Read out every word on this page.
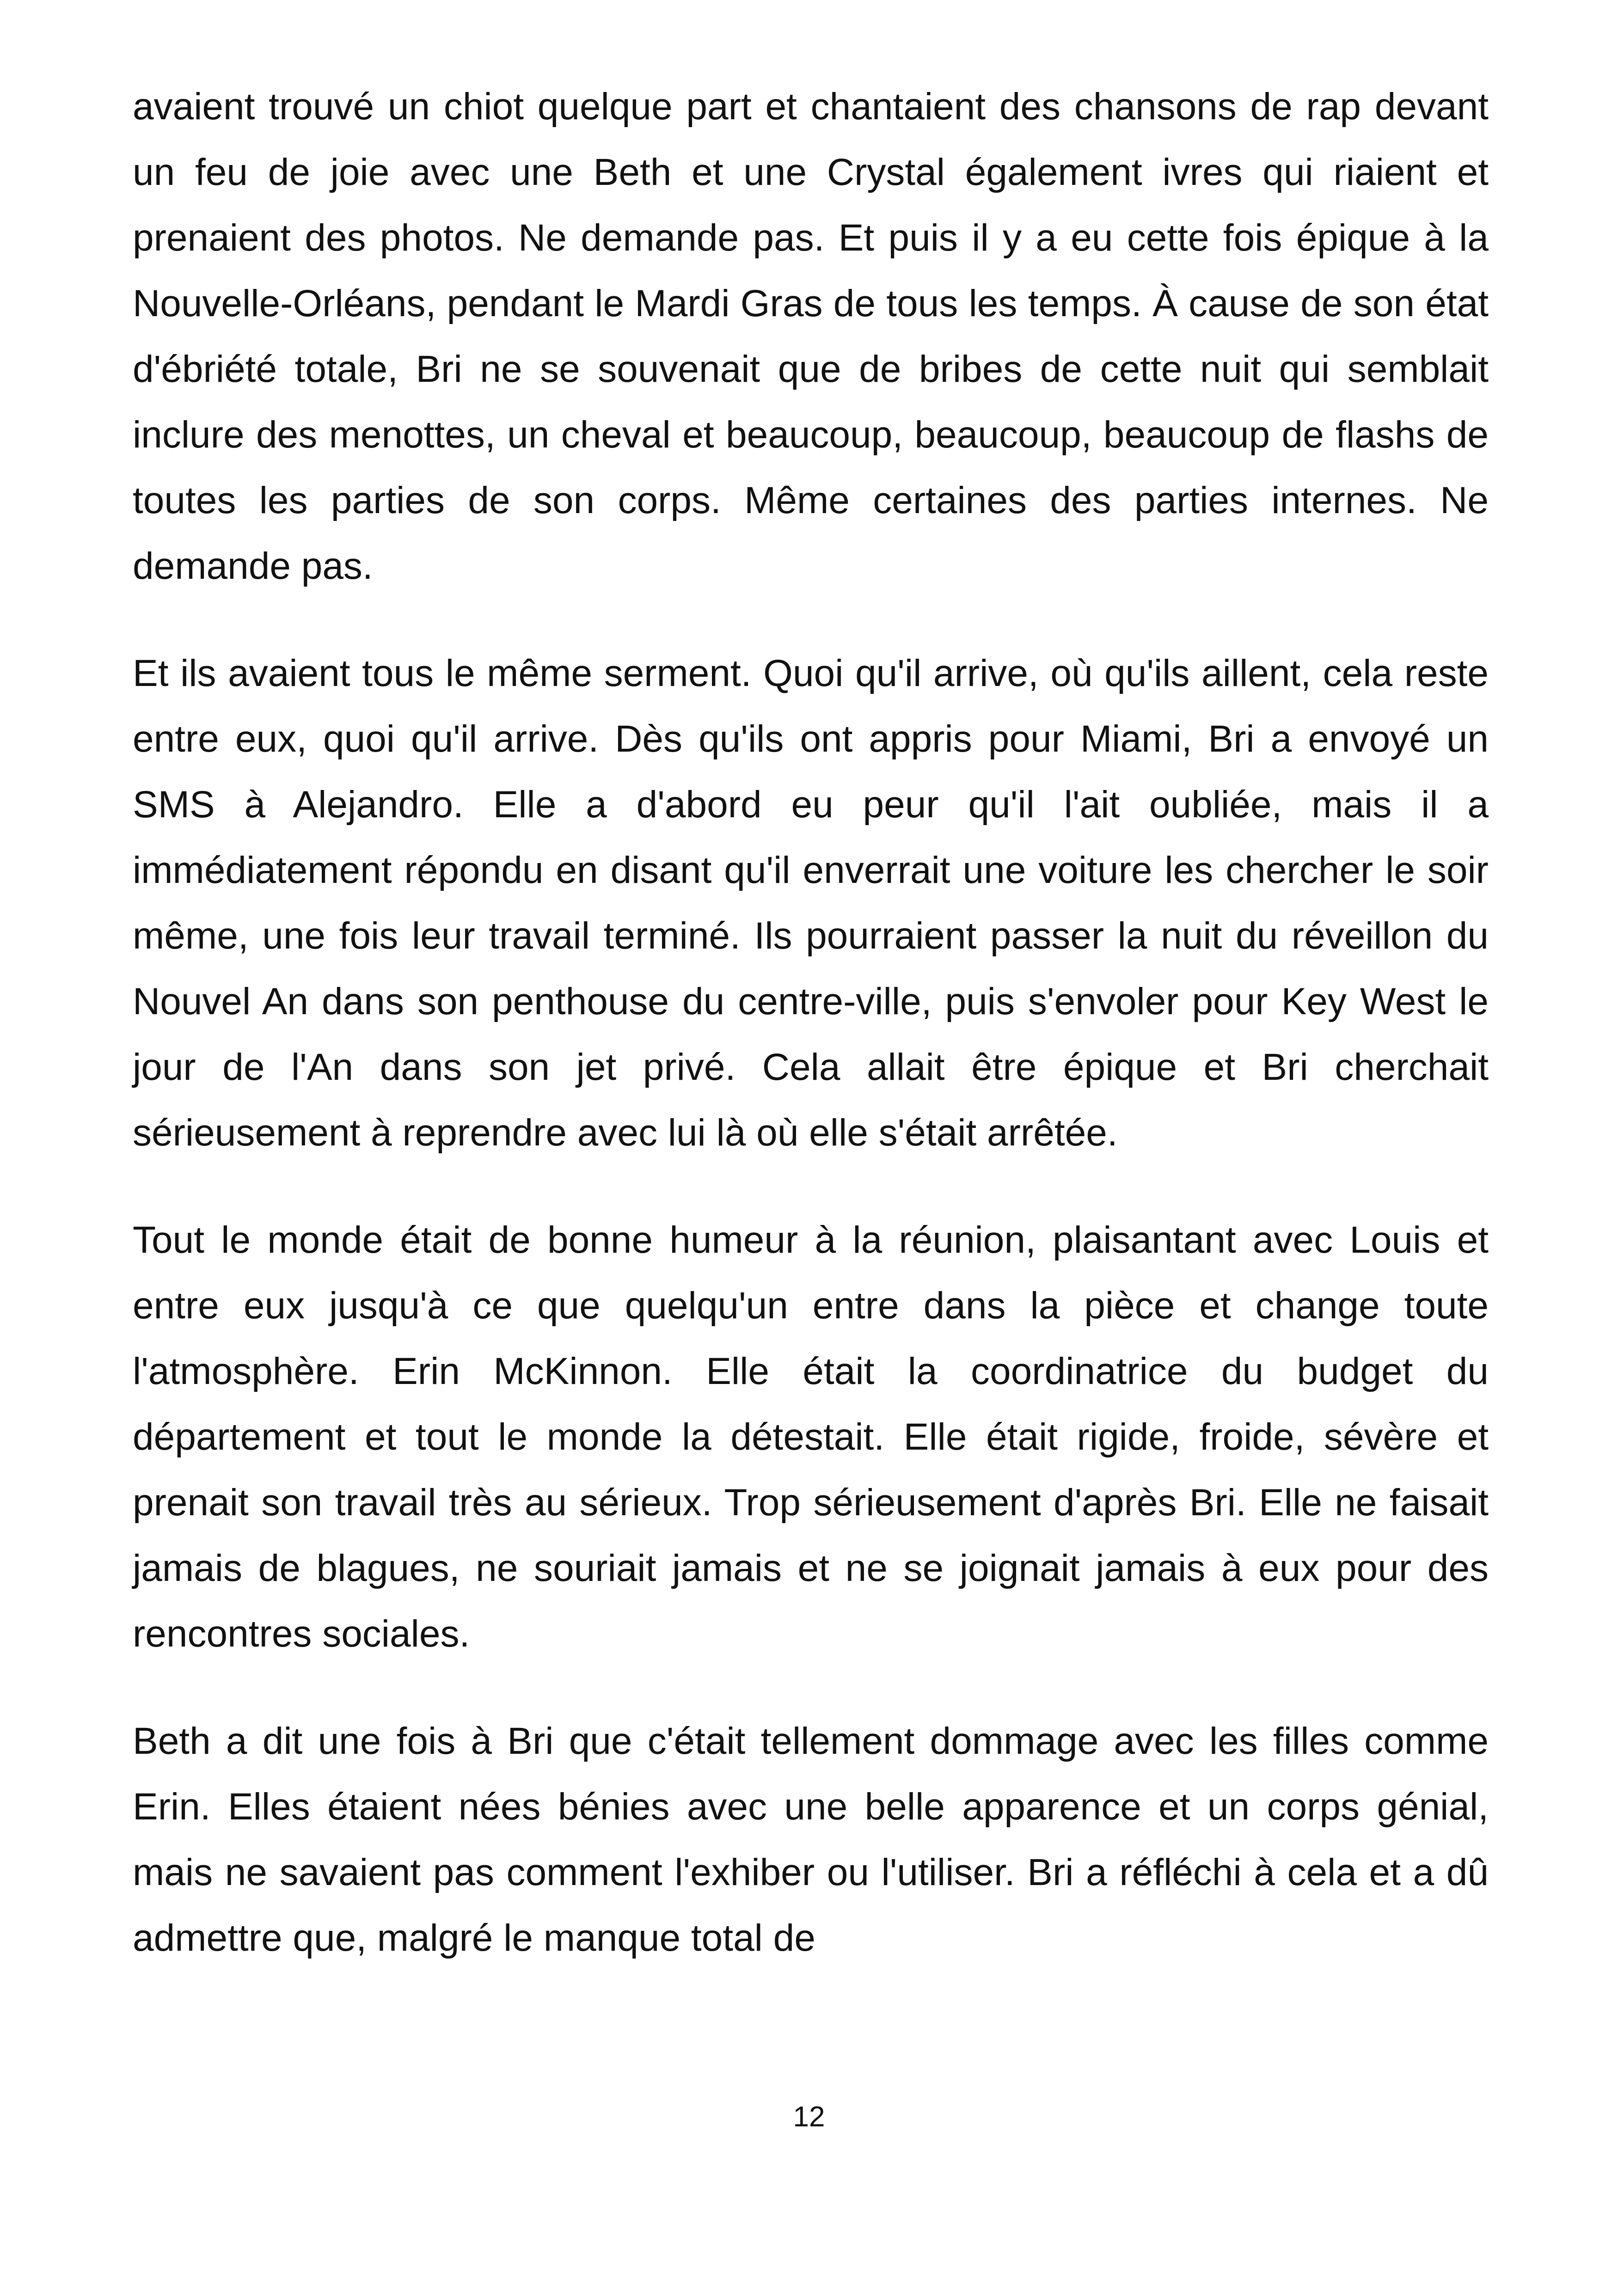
avaient trouvé un chiot quelque part et chantaient des chansons de rap devant un feu de joie avec une Beth et une Crystal également ivres qui riaient et prenaient des photos. Ne demande pas. Et puis il y a eu cette fois épique à la Nouvelle-Orléans, pendant le Mardi Gras de tous les temps. À cause de son état d'ébriété totale, Bri ne se souvenait que de bribes de cette nuit qui semblait inclure des menottes, un cheval et beaucoup, beaucoup, beaucoup de flashs de toutes les parties de son corps. Même certaines des parties internes. Ne demande pas.

Et ils avaient tous le même serment. Quoi qu'il arrive, où qu'ils aillent, cela reste entre eux, quoi qu'il arrive. Dès qu'ils ont appris pour Miami, Bri a envoyé un SMS à Alejandro. Elle a d'abord eu peur qu'il l'ait oubliée, mais il a immédiatement répondu en disant qu'il enverrait une voiture les chercher le soir même, une fois leur travail terminé. Ils pourraient passer la nuit du réveillon du Nouvel An dans son penthouse du centre-ville, puis s'envoler pour Key West le jour de l'An dans son jet privé. Cela allait être épique et Bri cherchait sérieusement à reprendre avec lui là où elle s'était arrêtée.

Tout le monde était de bonne humeur à la réunion, plaisantant avec Louis et entre eux jusqu'à ce que quelqu'un entre dans la pièce et change toute l'atmosphère. Erin McKinnon. Elle était la coordinatrice du budget du département et tout le monde la détestait. Elle était rigide, froide, sévère et prenait son travail très au sérieux. Trop sérieusement d'après Bri. Elle ne faisait jamais de blagues, ne souriait jamais et ne se joignait jamais à eux pour des rencontres sociales.

Beth a dit une fois à Bri que c'était tellement dommage avec les filles comme Erin. Elles étaient nées bénies avec une belle apparence et un corps génial, mais ne savaient pas comment l'exhiber ou l'utiliser. Bri a réfléchi à cela et a dû admettre que, malgré le manque total de

12
